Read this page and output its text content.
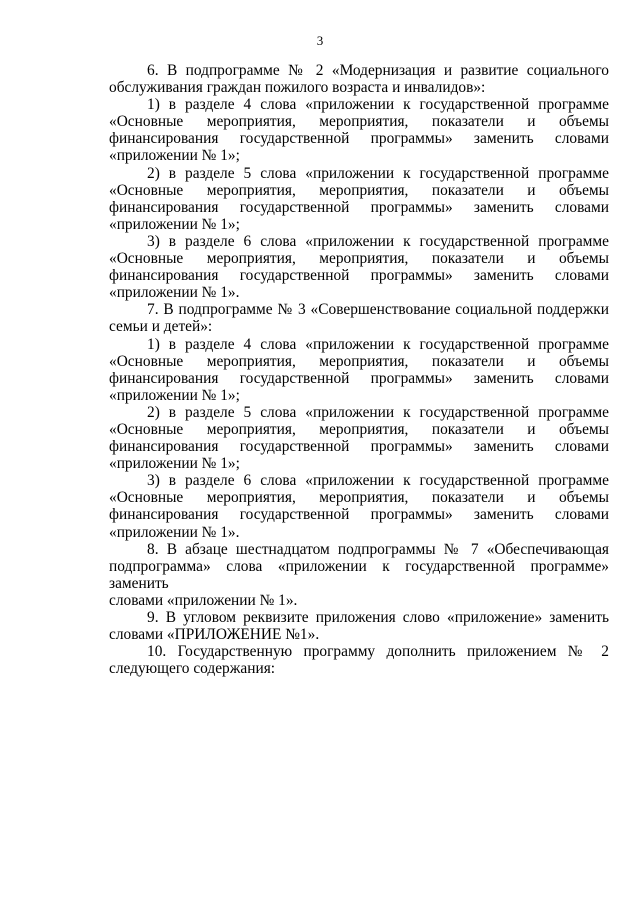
3
6. В подпрограмме № 2 «Модернизация и развитие социального
обслуживания граждан пожилого возраста и инвалидов»:
1) в разделе 4 слова «приложении к государственной программе
«Основные мероприятия, мероприятия, показатели и объемы
финансирования государственной программы» заменить словами
«приложении № 1»;
2) в разделе 5 слова «приложении к государственной программе
«Основные мероприятия, мероприятия, показатели и объемы
финансирования государственной программы» заменить словами
«приложении № 1»;
3) в разделе 6 слова «приложении к государственной программе
«Основные мероприятия, мероприятия, показатели и объемы
финансирования государственной программы» заменить словами
«приложении № 1».
7. В подпрограмме № 3 «Совершенствование социальной поддержки
семьи и детей»:
1) в разделе 4 слова «приложении к государственной программе
«Основные мероприятия, мероприятия, показатели и объемы
финансирования государственной программы» заменить словами
«приложении № 1»;
2) в разделе 5 слова «приложении к государственной программе
«Основные мероприятия, мероприятия, показатели и объемы
финансирования государственной программы» заменить словами
«приложении № 1»;
3) в разделе 6 слова «приложении к государственной программе
«Основные мероприятия, мероприятия, показатели и объемы
финансирования государственной программы» заменить словами
«приложении № 1».
8. В абзаце шестнадцатом подпрограммы № 7 «Обеспечивающая
подпрограмма» слова «приложении к государственной программе» заменить
словами «приложении № 1».
9. В угловом реквизите приложения слово «приложение» заменить
словами «ПРИЛОЖЕНИЕ №1».
10. Государственную программу дополнить приложением № 2
следующего содержания:
